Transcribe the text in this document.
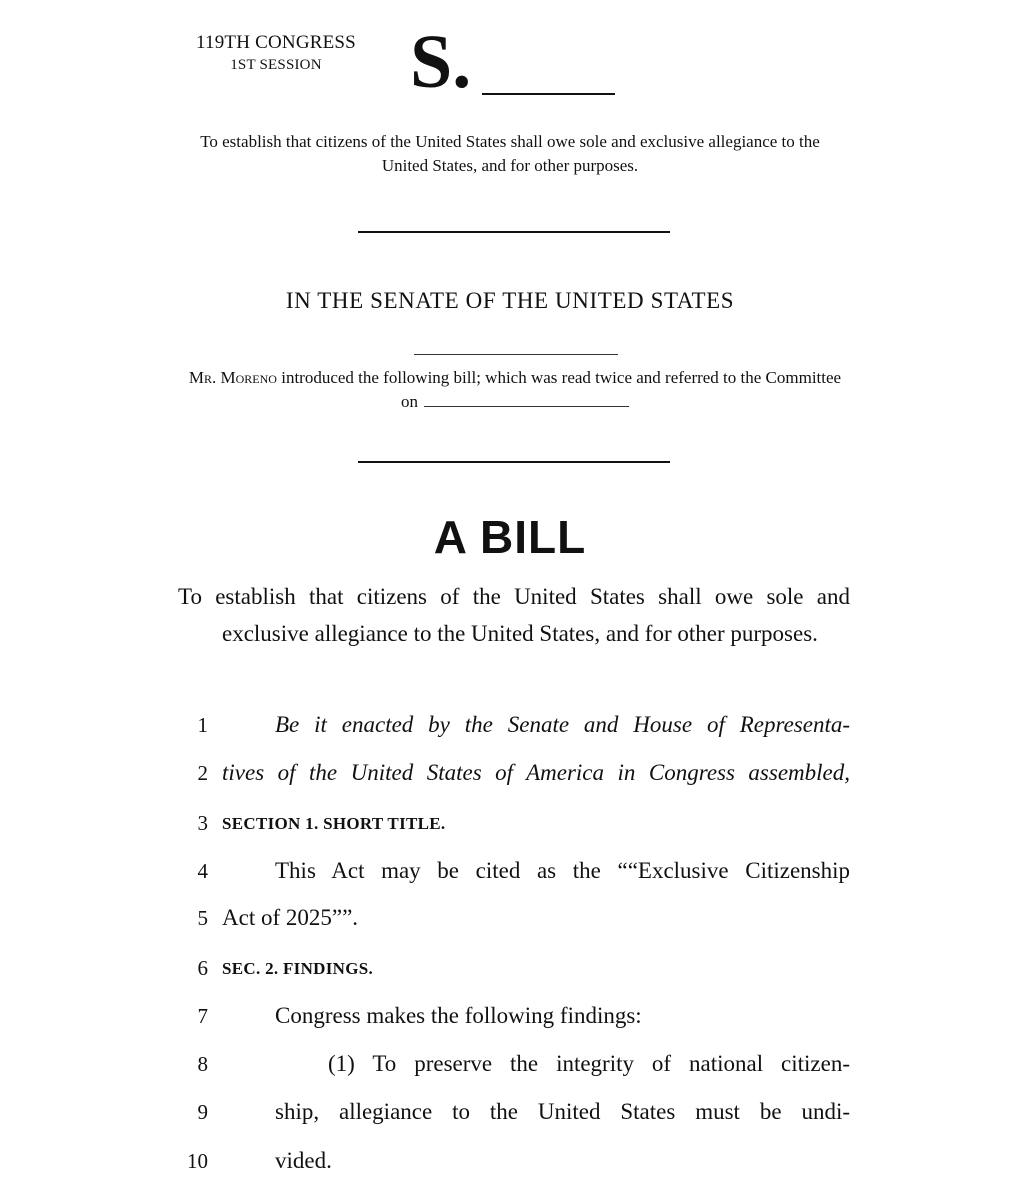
119TH CONGRESS
1ST SESSION	S.
To establish that citizens of the United States shall owe sole and exclusive allegiance to the United States, and for other purposes.
IN THE SENATE OF THE UNITED STATES
Mr. Moreno introduced the following bill; which was read twice and referred to the Committee on
A BILL
To establish that citizens of the United States shall owe sole and exclusive allegiance to the United States, and for other purposes.
1	Be it enacted by the Senate and House of Representa-
2 tives of the United States of America in Congress assembled,
3 SECTION 1. SHORT TITLE.
4	This Act may be cited as the ““Exclusive Citizenship
5 Act of 2025””.
6 SEC. 2. FINDINGS.
7	Congress makes the following findings:
8	(1) To preserve the integrity of national citizen-
9	ship, allegiance to the United States must be undi-
10	vided.
